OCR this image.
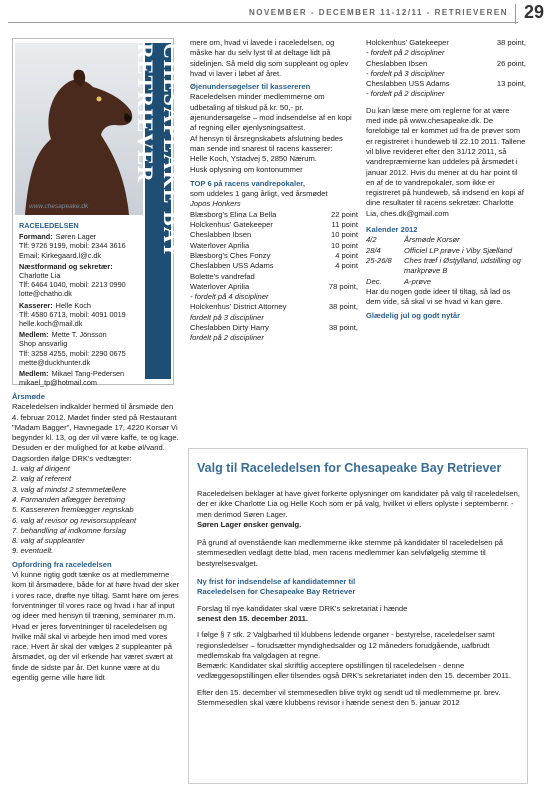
NOVEMBER - DECEMBER 11-12/11 - RETRIEVEREN 29
www.chesapeake.dk	CHESAPEAKE BAY RETRIEVER
RACELEDELSEN
Formand: Søren Lager
Tlf: 9726 9199, mobil: 2344 3616
Email: Kirkegaard.l@c.dk
Næstformand og sekretær:
Charlotte Lia
Tlf: 6464 1040, mobil: 2213 0990
lotte@chatho.dk
Kasserer: Helle Koch
Tlf: 4580 6713, mobil: 4091 0019
helle.koch@mail.dk
Medlem: Mette T. Jönsson
Shop ansvarlig
Tlf: 3258 4255, mobil: 2290 0675
mette@duckhunter.dk
Medlem: Mikael Tang-Pedersen
mikael_tp@hotmail.com
Årsmøde

Raceledelsen indkalder hermed til årsmøde den 4. februar 2012. Mødet finder sted på Restaurant "Madam Bagger", Havnegade 17, 4220 Korsør Vi begynder kl. 13, og der vil være kaffe, te og kage. Desuden er der mulighed for at købe øl/vand.

Dagsorden ifølge DRK's vedtægter:

1. valg af dirigent
2. valg af referent
3. valg af mindst 2 stemmetællere
4. Formanden aflægger beretning
5. Kassereren fremlægger regnskab
6. valg af revisor og revisorsuppleant
7. behandling af indkomne forslag
8. valg af suppleanter
9. eventuelt.
Opfordring fra raceledelsen

Vi kunne rigtig godt tænke os at medlemmerne kom til årsmødere, både for at høre hvad der sker i vores race, drøfte nye tiltag. Samt høre om jeres forventninger til vores race og hvad i har af input og ideer med hensyn til træning, seminarer m.m. Hvad er jeres forventninger til raceledelsen og hvilke mål skal vi arbejde hen imod med vores race. Hvert år skal der vælges 2 suppleanter på årsmødet, og der vil erkende har været svært at finde de sidste par år. Det kunne være at du egentlig gerne ville høre lidt

mere om, hvad vi lavede i raceledelsen, og måske har du selv lyst til at deltage lidt på sidelinjen. Så meld dig som suppleant og oplev hvad vi laver i løbet af året.

Øjenundersøgelser til kassereren

Raceledelsen minder medlemmerne om udbetaling af tilskud på kr. 50,- pr. øjenundersøgelse – mod indsendelse af en kopi af regning eller øjenlysningsattest.

Af hensyn til årsregnskabets afslutning bedes man sende ind snarest til racens kasserer:

Helle Koch, Ystadvej 5, 2850 Nærum.

Husk oplysning om kontonummer

TOP 6 på racens vandrepokaler,

som uddeles 1 gang årligt, ved årsmødet

Jopos Honkers

Blæsborg's Elina La Bella	22 point
Holckenhus' Gatekeeper	11 point
Cheslabben Ibsen	10 point
Waterlover Aprilia	10 point
Blæsborg's Ches Fonzy	4 point
Cheslabben USS Adams	4 point
Bolette's vandrefad
Waterlover Aprilia	78 point,
- fordelt på 4 discipliner
Holckenhus' District Attorney	38 point,
fordelt på 3 discipliner
Cheslabben Dirty Harry	38 point,
fordelt på 2 discipliner
Holckenhus' Gatekeeper	38 point,
- fordelt på 2 discipliner
Cheslabben Ibsen	26 point,
- fordelt på 3 discipliner
Cheslabben USS Adams	13 point,
- fordelt på 2 discipliner

Du kan læse mere om reglerne for at være med inde på www.chesapeake.dk. De forelobige tal er kommet ud fra de prøver som er registreret i hundeweb til 22.10 2011. Tallene vil blive revideret efter den 31/12 2011, så vandrepræmierne kan uddeles på årsmødet i januar 2012. Hvis du mener at du har point til en af de to vandrepokaler, som ikke er registreret på hundeweb, så indsend en kopi af dine resultater til racens sekretær: Charlotte Lia, ches.dk@gmail.com

Kalender 2012
4/2	Årsmøde Korsør
28/4	Officiel LP prøve i Viby Sjælland
25-26/8	Ches træf i Østjylland, udstilling og markprøve B
Dec.	A-prøve

Har du nogen gode ideer til tiltag, så lad os dem vide, så skal vi se hvad vi kan gøre.

Glædelig jul og godt nytår
Valg til Raceledelsen for Chesapeake Bay Retriever

Raceledelsen beklager at have givet forkerte oplysninger om kandidater på valg til raceledelsen, der er ikke Charlotte Lia og Helle Koch som er på valg, hvilket vi ellers oplyste i septembernr. - men derimod Søren Lager.

Søren Lager ønsker genvalg.

På grund af ovenstående kan medlemmerne ikke stemme på kandidater til raceledelsen på stemmesedlen vedlagt dette blad, men racens medlemmer kan selvfølgelig stemme til bestyrelsesvalget.

Ny frist for indsendelse af kandidatemner til

Raceledelsen for Chesapeake Bay Retriever

Forslag til nye kandidater skal være DRK's sekretariat i hænde

senest den 15. december 2011.

I følge § 7 stk. 2 Valgbarhed til klubbens ledende organer - bestyrelse, raceledelser samt regionsledelser – forudsætter myndighedsalder og 12 måneders forudgående, uafbrudt medlemskab fra valgdagen at regne.

Bemærk: Kandidater skal skriftlig acceptere opstillingen til raceledelsen - denne vedlæggesopstillingen eller tilsendes også DRK's sekretariatet inden den 15. december 2011.

Efter den 15. december vil stemmesedlen blive trykt og sendt ud til medlemmerne pr. brev. Stemmesedlen skal være klubbens revisor i hænde senest den 5. januar 2012
